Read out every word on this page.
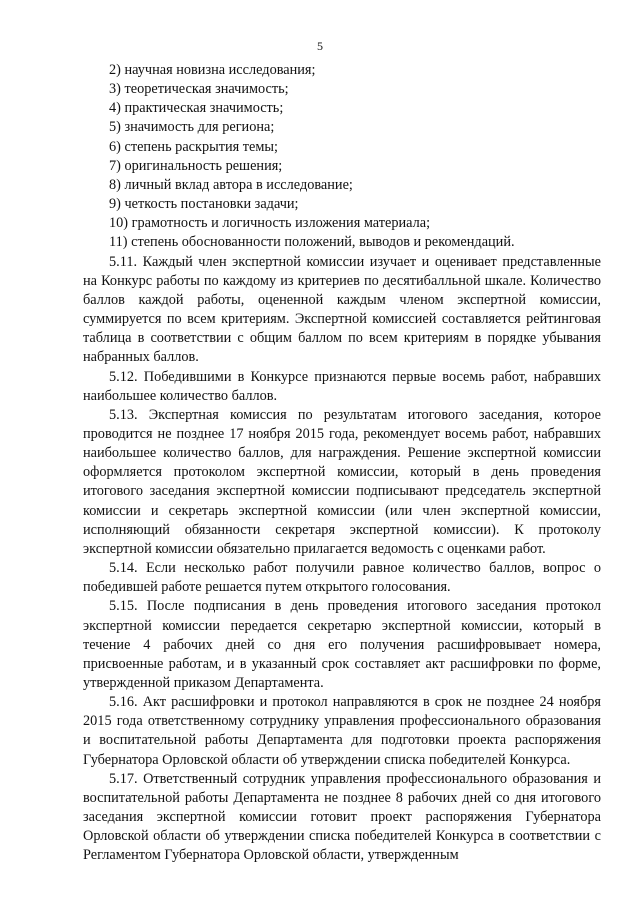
5
2) научная новизна исследования;
3) теоретическая значимость;
4) практическая значимость;
5) значимость для региона;
6) степень раскрытия темы;
7) оригинальность решения;
8) личный вклад автора в исследование;
9) четкость постановки задачи;
10) грамотность и логичность изложения материала;
11) степень обоснованности положений, выводов и рекомендаций.

5.11. Каждый член экспертной комиссии изучает и оценивает представленные на Конкурс работы по каждому из критериев по десятибалльной шкале. Количество баллов каждой работы, оцененной каждым членом экспертной комиссии, суммируется по всем критериям. Экспертной комиссией составляется рейтинговая таблица в соответствии с общим баллом по всем критериям в порядке убывания набранных баллов.

5.12. Победившими в Конкурсе признаются первые восемь работ, набравших наибольшее количество баллов.

5.13. Экспертная комиссия по результатам итогового заседания, которое проводится не позднее 17 ноября 2015 года, рекомендует восемь работ, набравших наибольшее количество баллов, для награждения. Решение экспертной комиссии оформляется протоколом экспертной комиссии, который в день проведения итогового заседания экспертной комиссии подписывают председатель экспертной комиссии и секретарь экспертной комиссии (или член экспертной комиссии, исполняющий обязанности секретаря экспертной комиссии). К протоколу экспертной комиссии обязательно прилагается ведомость с оценками работ.

5.14. Если несколько работ получили равное количество баллов, вопрос о победившей работе решается путем открытого голосования.

5.15. После подписания в день проведения итогового заседания протокол экспертной комиссии передается секретарю экспертной комиссии, который в течение 4 рабочих дней со дня его получения расшифровывает номера, присвоенные работам, и в указанный срок составляет акт расшифровки по форме, утвержденной приказом Департамента.

5.16. Акт расшифровки и протокол направляются в срок не позднее 24 ноября 2015 года ответственному сотруднику управления профессионального образования и воспитательной работы Департамента для подготовки проекта распоряжения Губернатора Орловской области об утверждении списка победителей Конкурса.

5.17. Ответственный сотрудник управления профессионального образования и воспитательной работы Департамента не позднее 8 рабочих дней со дня итогового заседания экспертной комиссии готовит проект распоряжения Губернатора Орловской области об утверждении списка победителей Конкурса в соответствии с Регламентом Губернатора Орловской области, утвержденным
